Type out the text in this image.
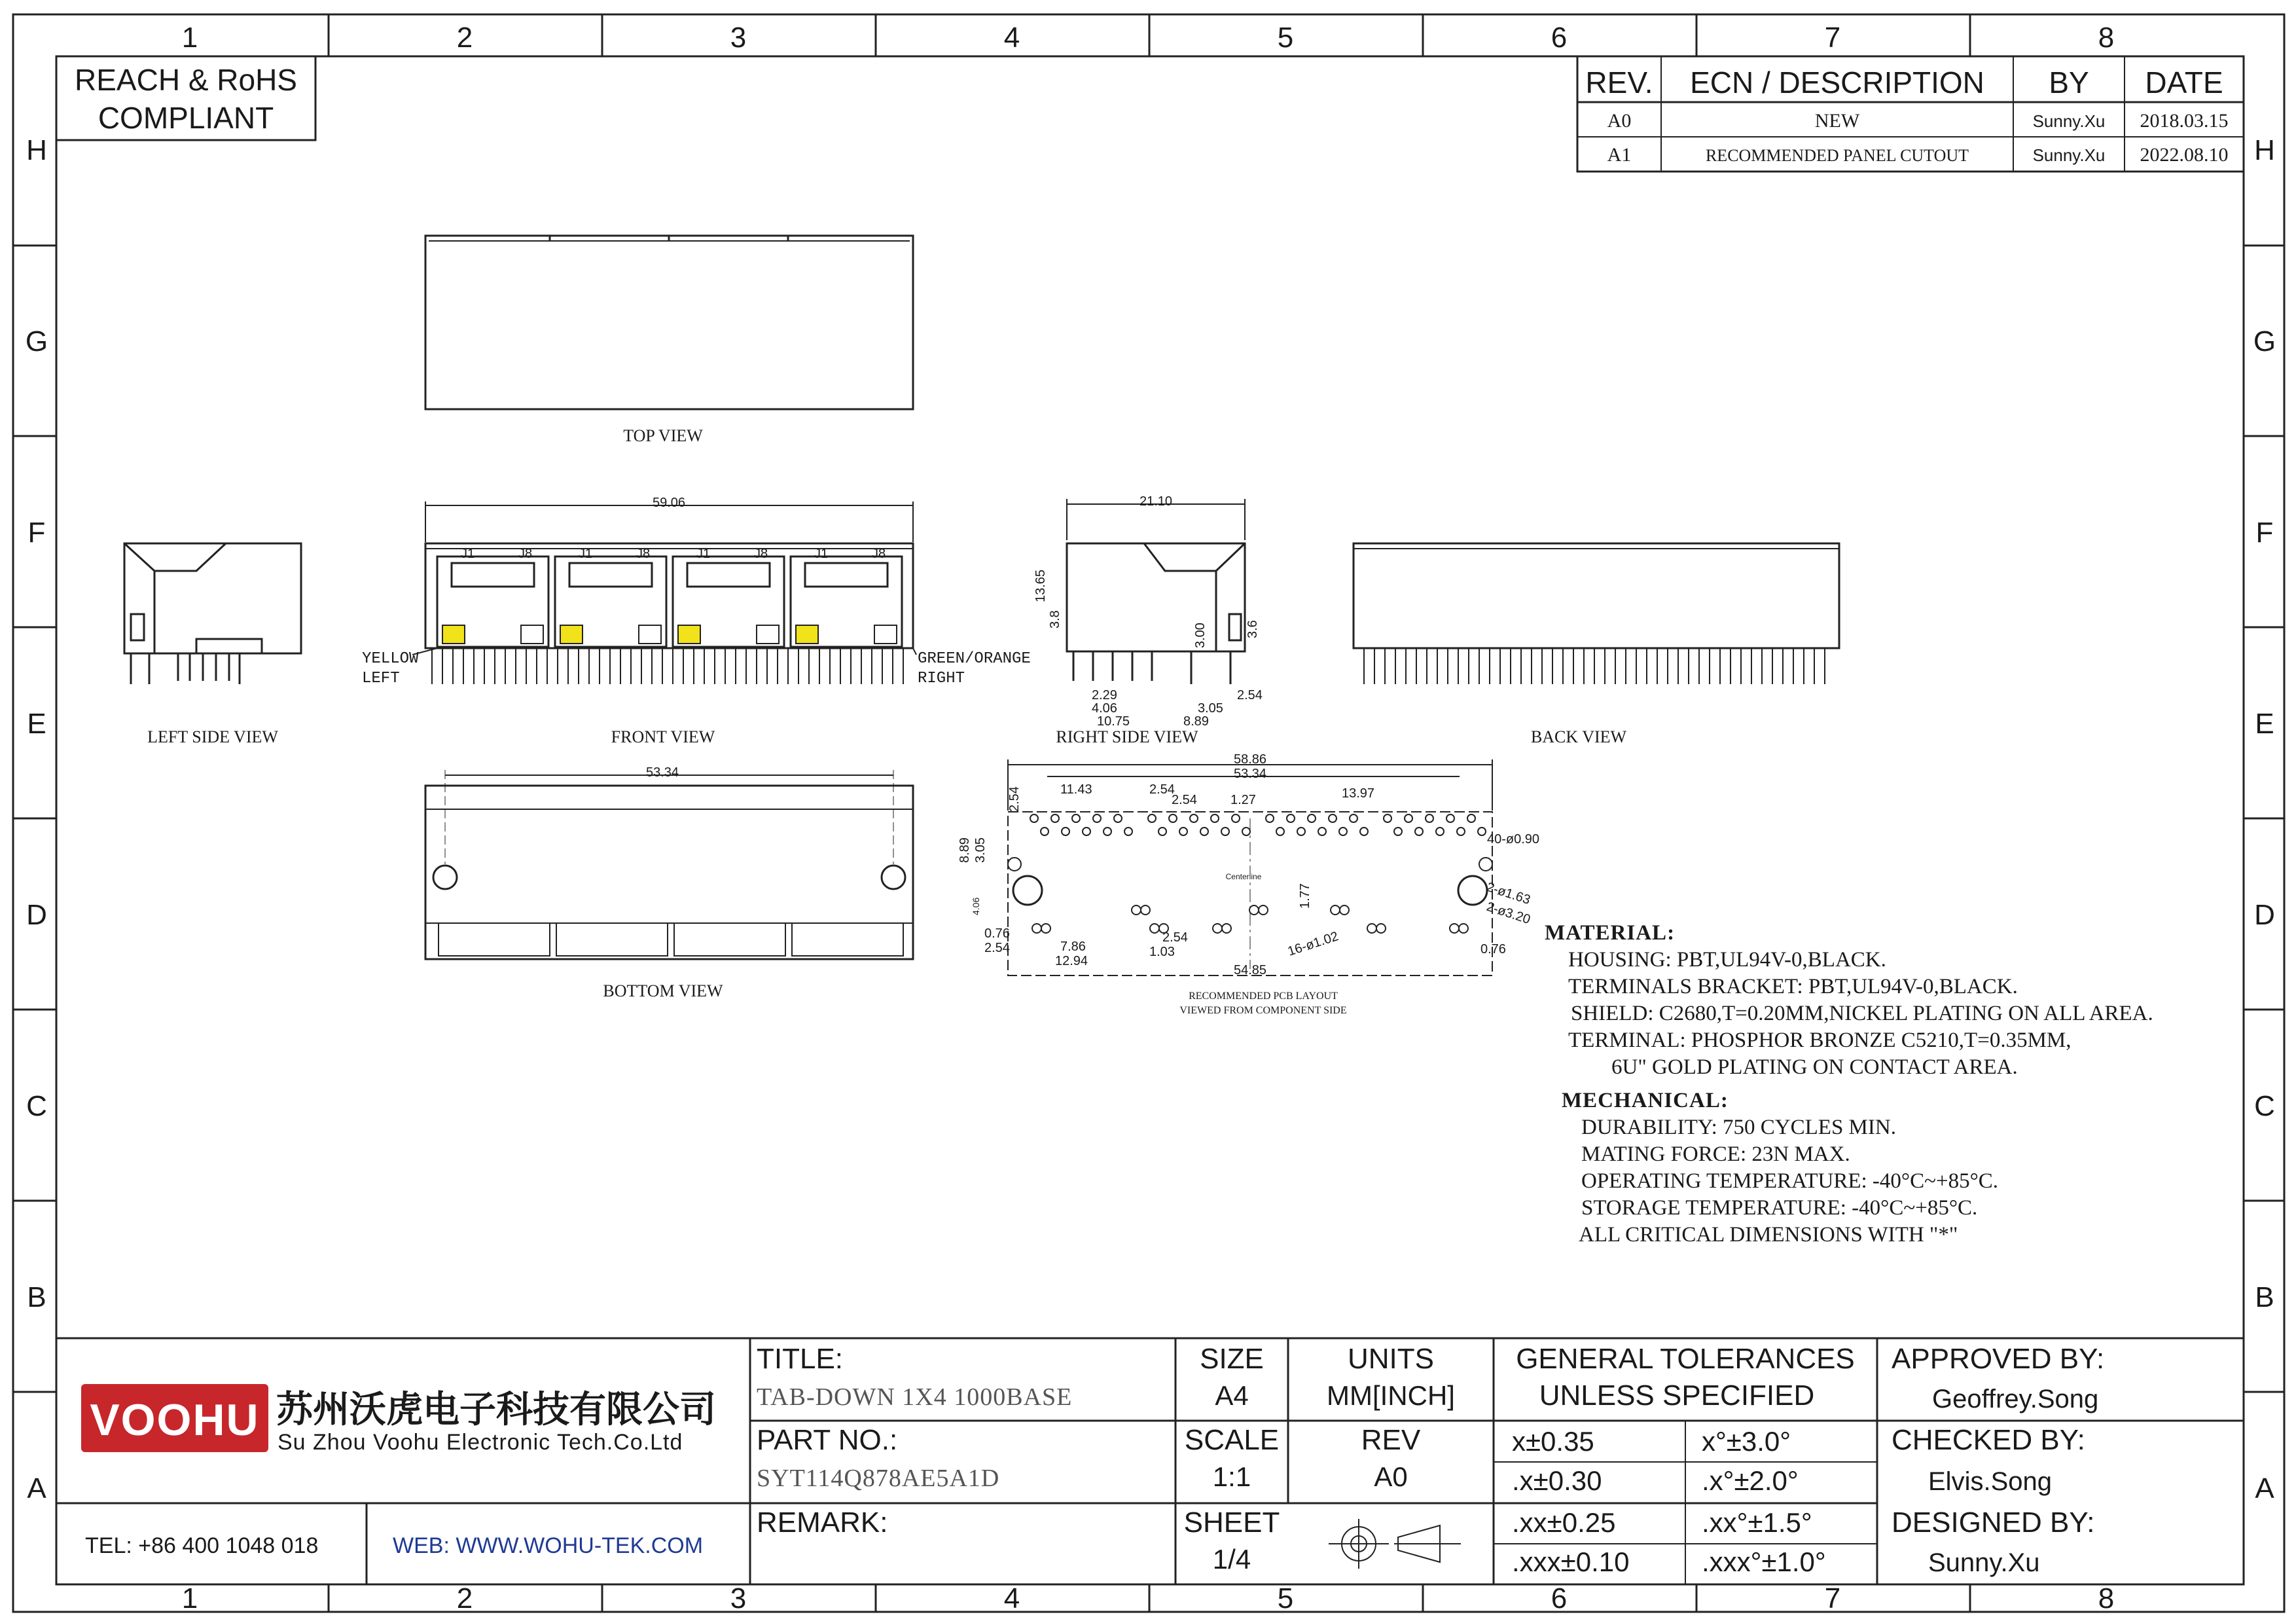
1	2	3	4	5	6	7	8
1	2	3	4	5	6	7	8
H
G
F
E
D
C
B
A
H
G
F
E
D
C
B
A
REACH & RoHS
COMPLIANT
REV. ECN / DESCRIPTION BY DATE
A0	NEW	Sunny.Xu 2018.03.15
A1	RECOMMENDED PANEL CUTOUT	Sunny.Xu 2022.08.10
TOP VIEW
LEFT SIDE VIEW
J1	J8	J1	J8	J1	J8	J1	J8
59.06
YELLOW
LEFT
GREEN/ORANGE
RIGHT
FRONT VIEW
21.10
13.65
3.8
3.00	3.6
2.29
4.06
10.75
3.05
8.89
2.54
RIGHT SIDE VIEW	BACK VIEW
53.34
BOTTOM VIEW
58.86
53.34
11.43	2.54
2.54	1.27	13.97
2.54
8.89 3.05
4.06
0.76
2.54	7.86
12.94
2.54
1.03
1.77
54.85
0.76
40-ø0.90
2-ø1.63
2-ø3.20
16-ø1.02
Centerline
RECOMMENDED PCB LAYOUT
VIEWED FROM COMPONENT SIDE
VOOHU 苏州沃虎电子科技有限公司
Su Zhou Voohu Electronic Tech.Co.Ltd
TEL: +86 400 1048 018	WEB: WWW.WOHU-TEK.COM
TITLE:
TAB-DOWN 1X4 1000BASE
PART NO.:
SYT114Q878AE5A1D
REMARK:
SIZE
A4
UNITS
MM[INCH]
SCALE
1:1
REV
A0
SHEET
1/4
GENERAL TOLERANCES
UNLESS SPECIFIED
x±0.35	x°±3.0°
.x±0.30	.x°±2.0°
.xx±0.25	.xx°±1.5°
.xxx±0.10	.xxx°±1.0°
APPROVED BY:
Geoffrey.Song
CHECKED BY:
Elvis.Song
DESIGNED BY:
Sunny.Xu
MATERIAL:
HOUSING: PBT,UL94V-0,BLACK.
TERMINALS BRACKET: PBT,UL94V-0,BLACK.
SHIELD: C2680,T=0.20MM,NICKEL PLATING ON ALL AREA.
TERMINAL: PHOSPHOR BRONZE C5210,T=0.35MM,
6U" GOLD PLATING ON CONTACT AREA.
MECHANICAL:
DURABILITY: 750 CYCLES MIN.
MATING FORCE: 23N MAX.
OPERATING TEMPERATURE: -40°C~+85°C.
STORAGE TEMPERATURE: -40°C~+85°C.
ALL CRITICAL DIMENSIONS WITH "*"
